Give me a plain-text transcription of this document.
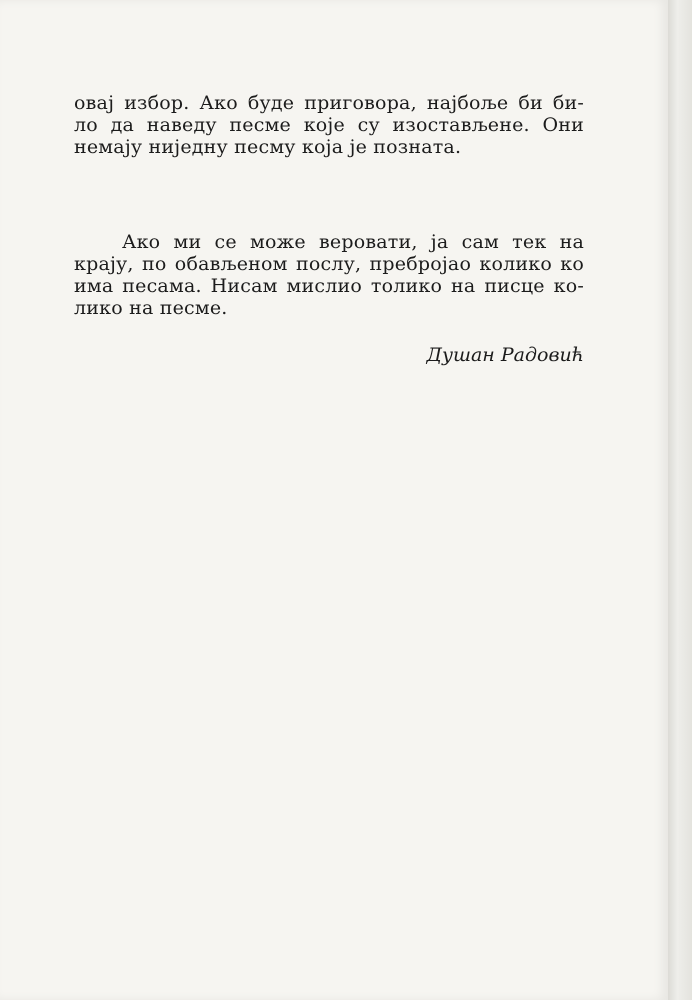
овај избор. Ако буде приговора, најбоље би би-
ло да наведу песме које су изостављене. Они
немају ниједну песму која је позната.

Ако ми се може веровати, ја сам тек на
крају, по обављеном послу, пребројао колико ко
има песама. Нисам мислио толико на писце ко-
лико на песме.

Душан Радовић
